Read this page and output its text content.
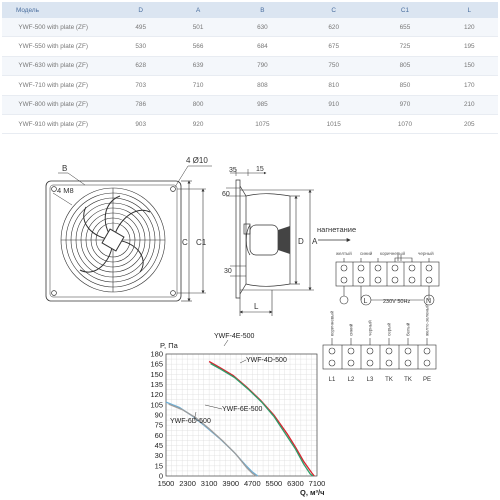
Модель	D	A	B	C	C1	L
YWF-500 with plate (ZF)	495	501	630	620	655	120
YWF-550 with plate (ZF)	530	566	684	675	725	195
YWF-630 with plate (ZF)	628	639	790	750	805	150
YWF-710 with plate (ZF)	703	710	808	810	850	170
YWF-800 with plate (ZF)	786	800	985	910	970	210
YWF-910 with plate (ZF)	903	920	1075	1015	1070	205
B
4 Ø10
4 M8
C C1
35	15
60
30
D A
L
нагнетание
желтый синий коричневый	черный
L	230V 50Hz N
коричневый	синий	черный	серый	белый	желто-зеленый
L1 L2 L3 TK TK PE
1500 2300 3100 3900 4700 5500 6300 7100
0
15
30
45
60
75
90
105
120
135
150
165
180
P, Па
Q, м³/ч
YWF-4E-500
YWF-4D-500
YWF-6E-500
YWF-6D-500
